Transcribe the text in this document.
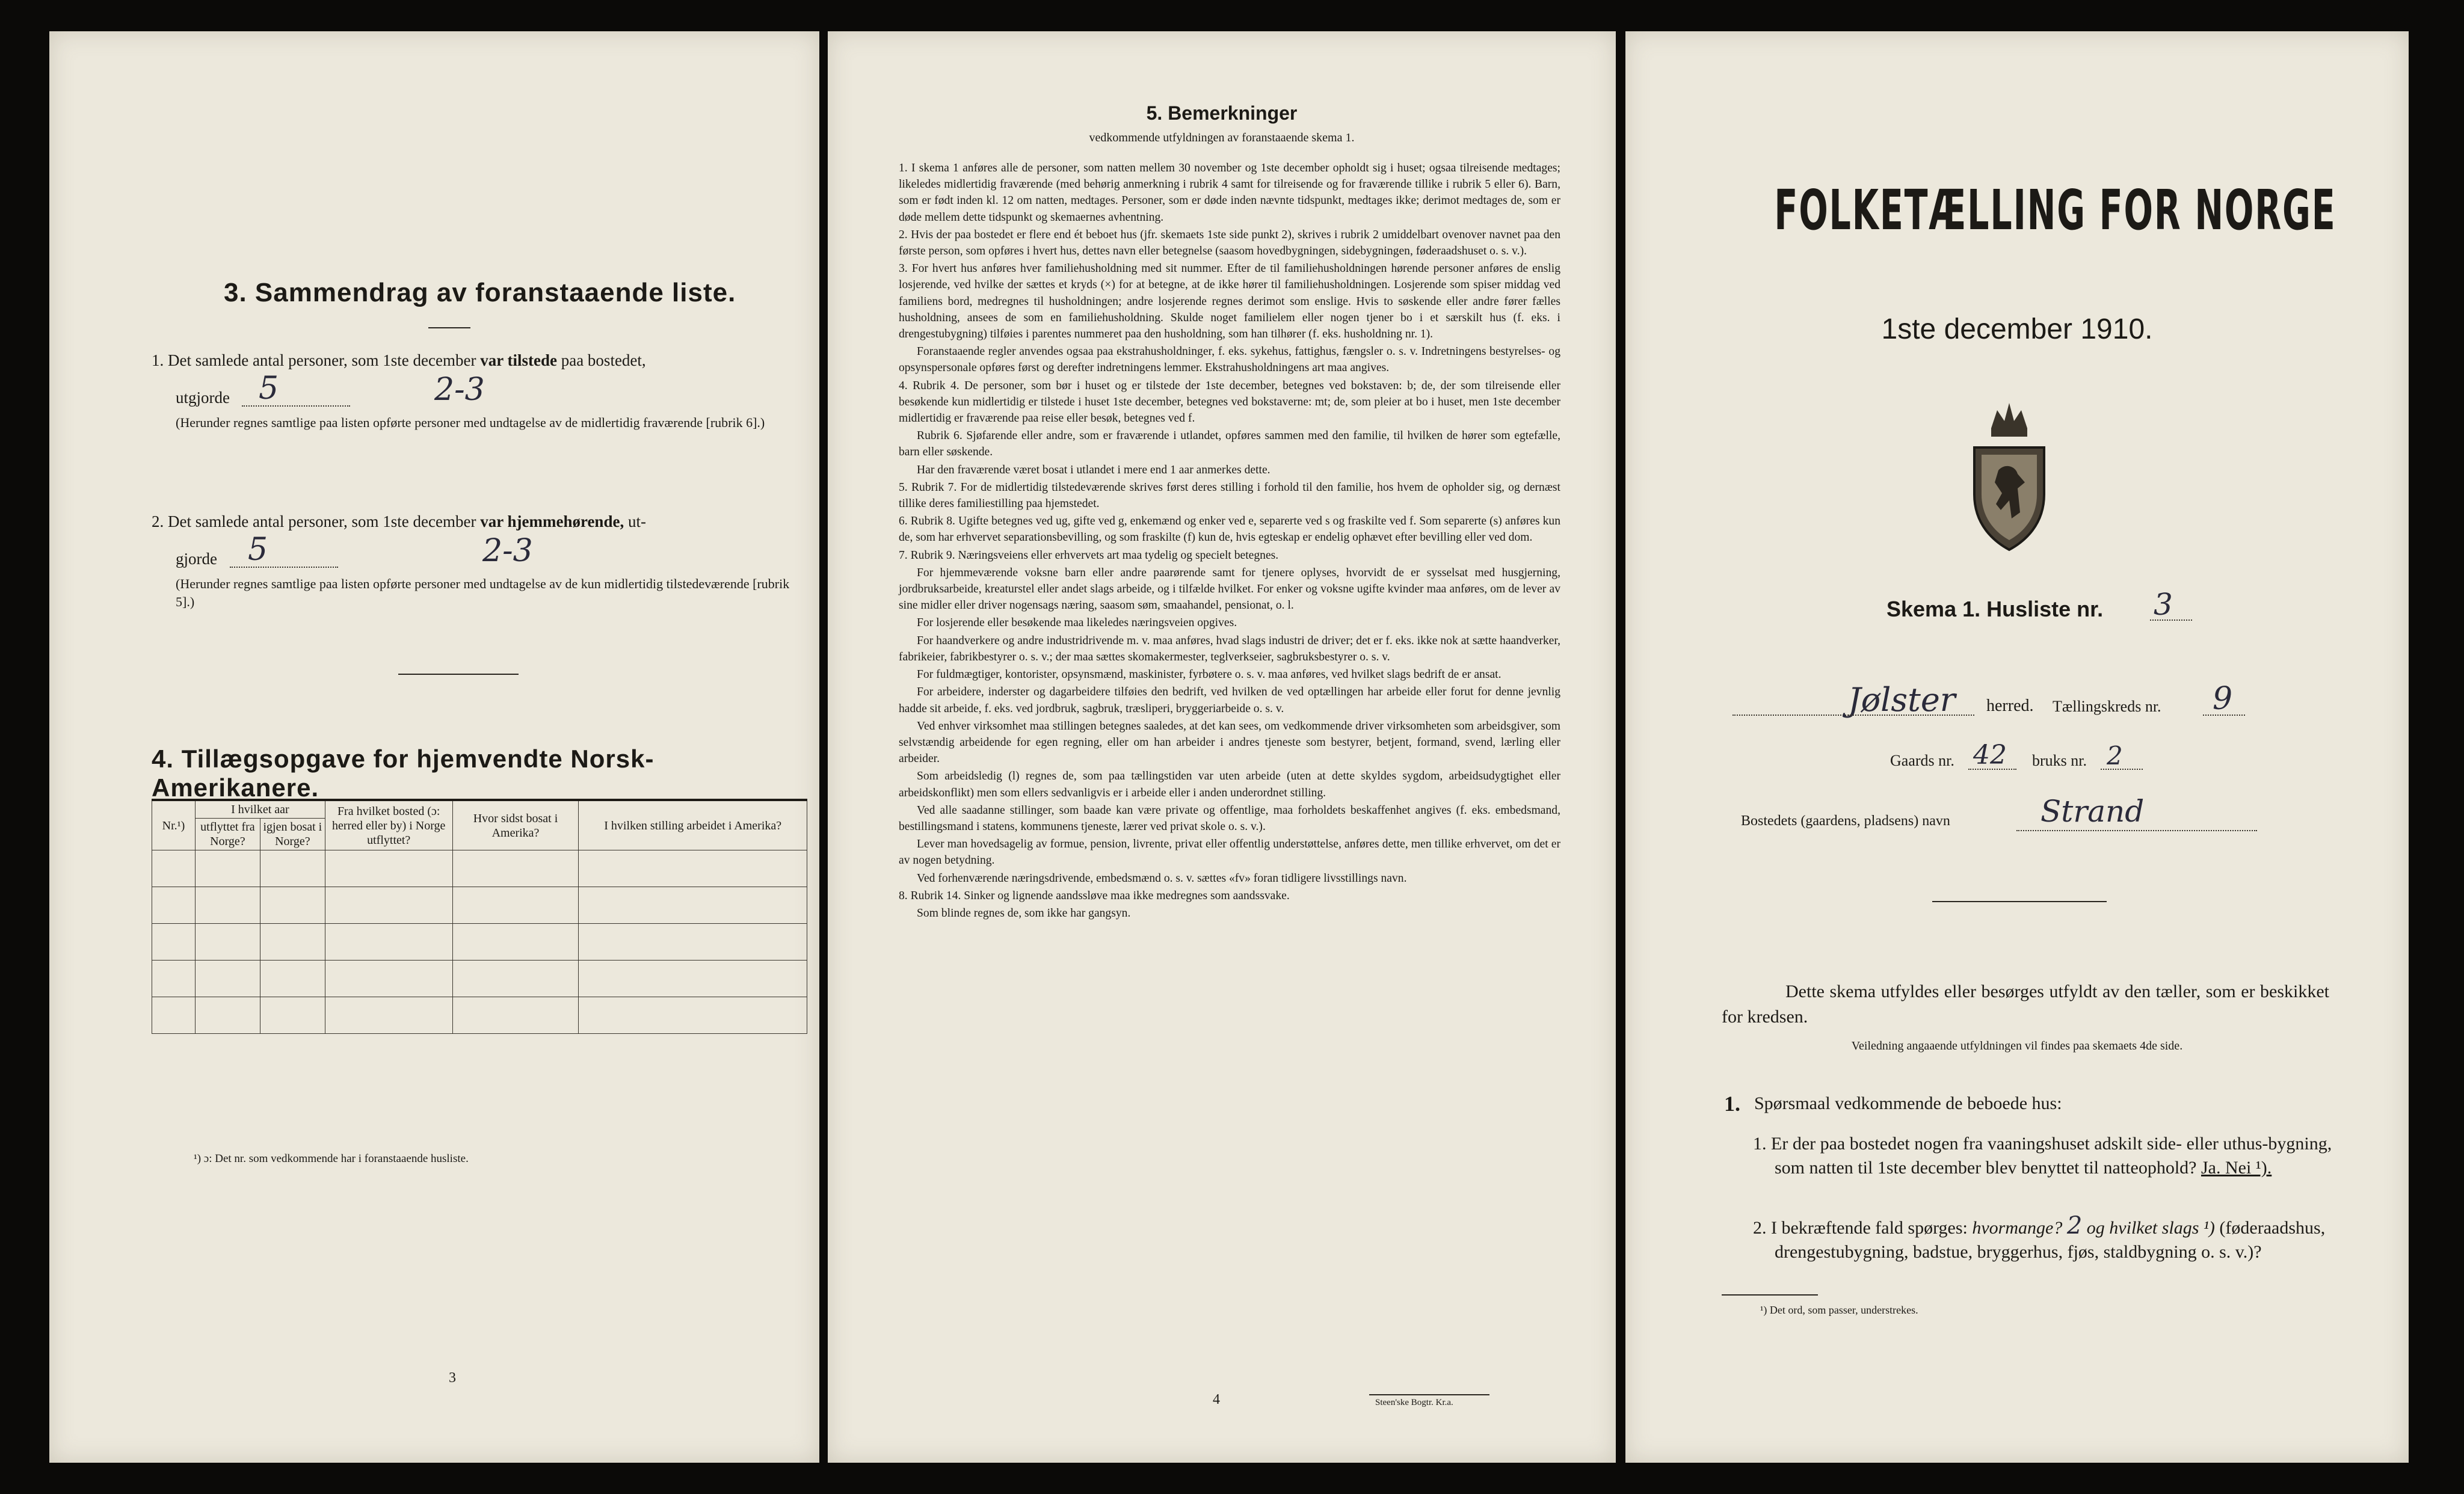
3. Sammendrag av foranstaaende liste.
1. Det samlede antal personer, som 1ste december var tilstede paa bostedet,
utgjorde 5	2-3
(Herunder regnes samtlige paa listen opførte personer med undtagelse av de midlertidig fraværende [rubrik 6].)
2. Det samlede antal personer, som 1ste december var hjemmehørende, ut-
gjorde 5	2-3
(Herunder regnes samtlige paa listen opførte personer med undtagelse av de kun midlertidig tilstedeværende [rubrik 5].)
4. Tillægsopgave for hjemvendte Norsk-Amerikanere.
Nr.¹)	I hvilket aar		Fra hvilket bosted (ɔ: herred eller by) i Norge utflyttet?	Hvor sidst bosat i Amerika?	I hvilken stilling arbeidet i Amerika?
	utflyttet fra Norge?	igjen bosat i Norge?			

¹) ɔ: Det nr. som vedkommende har i foranstaaende husliste.
3
5. Bemerkninger
vedkommende utfyldningen av foranstaaende skema 1.

1. I skema 1 anføres alle de personer, som natten mellem 30 november og 1ste december opholdt sig i huset; ogsaa tilreisende medtages; likeledes midlertidig fraværende (med behørig anmerkning i rubrik 4 samt for tilreisende og for fraværende tillike i rubrik 5 eller 6). Barn, som er født inden kl. 12 om natten, medtages. Personer, som er døde inden nævnte tidspunkt, medtages ikke; derimot medtages de, som er døde mellem dette tidspunkt og skemaernes avhentning.

2. Hvis der paa bostedet er flere end ét beboet hus (jfr. skemaets 1ste side punkt 2), skrives i rubrik 2 umiddelbart ovenover navnet paa den første person, som opføres i hvert hus, dettes navn eller betegnelse (saasom hovedbygningen, sidebygningen, føderaadshuset o. s. v.).

3. For hvert hus anføres hver familiehusholdning med sit nummer. Efter de til familiehusholdningen hørende personer anføres de enslig losjerende, ved hvilke der sættes et kryds (×) for at betegne, at de ikke hører til familiehusholdningen. Losjerende som spiser middag ved familiens bord, medregnes til husholdningen; andre losjerende regnes derimot som enslige. Hvis to søskende eller andre fører fælles husholdning, ansees de som en familiehusholdning. Skulde noget familielem eller nogen tjener bo i et særskilt hus (f. eks. i drengestubygning) tilføies i parentes nummeret paa den husholdning, som han tilhører (f. eks. husholdning nr. 1).

Foranstaaende regler anvendes ogsaa paa ekstrahusholdninger, f. eks. sykehus, fattighus, fængsler o. s. v. Indretningens bestyrelses- og opsynspersonale opføres først og derefter indretningens lemmer. Ekstrahusholdningens art maa angives.

4. Rubrik 4. De personer, som bør i huset og er tilstede der 1ste december, betegnes ved bokstaven: b; de, der som tilreisende eller besøkende kun midlertidig er tilstede i huset 1ste december, betegnes ved bokstaverne: mt; de, som pleier at bo i huset, men 1ste december midlertidig er fraværende paa reise eller besøk, betegnes ved f.

Rubrik 6. Sjøfarende eller andre, som er fraværende i utlandet, opføres sammen med den familie, til hvilken de hører som egtefælle, barn eller søskende.

Har den fraværende været bosat i utlandet i mere end 1 aar anmerkes dette.

5. Rubrik 7. For de midlertidig tilstedeværende skrives først deres stilling i forhold til den familie, hos hvem de opholder sig, og dernæst tillike deres familiestilling paa hjemstedet.

6. Rubrik 8. Ugifte betegnes ved ug, gifte ved g, enkemænd og enker ved e, separerte ved s og fraskilte ved f. Som separerte (s) anføres kun de, som har erhvervet separationsbevilling, og som fraskilte (f) kun de, hvis egteskap er endelig ophævet efter bevilling eller ved dom.

7. Rubrik 9. Næringsveiens eller erhvervets art maa tydelig og specielt betegnes.

For hjemmeværende voksne barn eller andre paarørende samt for tjenere oplyses, hvorvidt de er sysselsat med husgjerning, jordbruksarbeide, kreaturstel eller andet slags arbeide, og i tilfælde hvilket. For enker og voksne ugifte kvinder maa anføres, om de lever av sine midler eller driver nogensags næring, saasom søm, smaahandel, pensionat, o. l.

For losjerende eller besøkende maa likeledes næringsveien opgives.

For haandverkere og andre industridrivende m. v. maa anføres, hvad slags industri de driver; det er f. eks. ikke nok at sætte haandverker, fabrikeier, fabrikbestyrer o. s. v.; der maa sættes skomakermester, teglverkseier, sagbruksbestyrer o. s. v.

For fuldmægtiger, kontorister, opsynsmænd, maskinister, fyrbøtere o. s. v. maa anføres, ved hvilket slags bedrift de er ansat.

For arbeidere, inderster og dagarbeidere tilføies den bedrift, ved hvilken de ved optællingen har arbeide eller forut for denne jevnlig hadde sit arbeide, f. eks. ved jordbruk, sagbruk, træsliperi, bryggeriarbeide o. s. v.

Ved enhver virksomhet maa stillingen betegnes saaledes, at det kan sees, om vedkommende driver virksomheten som arbeidsgiver, som selvstændig arbeidende for egen regning, eller om han arbeider i andres tjeneste som bestyrer, betjent, formand, svend, lærling eller arbeider.

Som arbeidsledig (l) regnes de, som paa tællingstiden var uten arbeide (uten at dette skyldes sygdom, arbeidsudygtighet eller arbeidskonflikt) men som ellers sedvanligvis er i arbeide eller i anden underordnet stilling.

Ved alle saadanne stillinger, som baade kan være private og offentlige, maa forholdets beskaffenhet angives (f. eks. embedsmand, bestillingsmand i statens, kommunens tjeneste, lærer ved privat skole o. s. v.).

Lever man hovedsagelig av formue, pension, livrente, privat eller offentlig understøttelse, anføres dette, men tillike erhvervet, om det er av nogen betydning.

Ved forhenværende næringsdrivende, embedsmænd o. s. v. sættes «fv» foran tidligere livsstillings navn.

8. Rubrik 14. Sinker og lignende aandssløve maa ikke medregnes som aandssvake.

Som blinde regnes de, som ikke har gangsyn.

4	Steen'ske Bogtr. Kr.a.
FOLKETÆLLING FOR NORGE
1ste december 1910.
Skema 1. Husliste nr. 3
Jølster herred. Tællingskreds nr. 9
Gaards nr. 42 bruks nr. 2
Bostedets (gaardens, pladsens) navn	Strand
Dette skema utfyldes eller besørges utfyldt av den tæller, som er beskikket for kredsen.
Veiledning angaaende utfyldningen vil findes paa skemaets 4de side.
1. Spørsmaal vedkommende de beboede hus:
1. Er der paa bostedet nogen fra vaaningshuset adskilt side- eller uthus-bygning, som natten til 1ste december blev benyttet til natteophold? Ja. Nei ¹).
2. I bekræftende fald spørges: hvormange? 2 og hvilket slags ¹) (føderaadshus, drengestubygning, badstue, bryggerhus, fjøs, staldbygning o. s. v.)?
¹) Det ord, som passer, understrekes.
